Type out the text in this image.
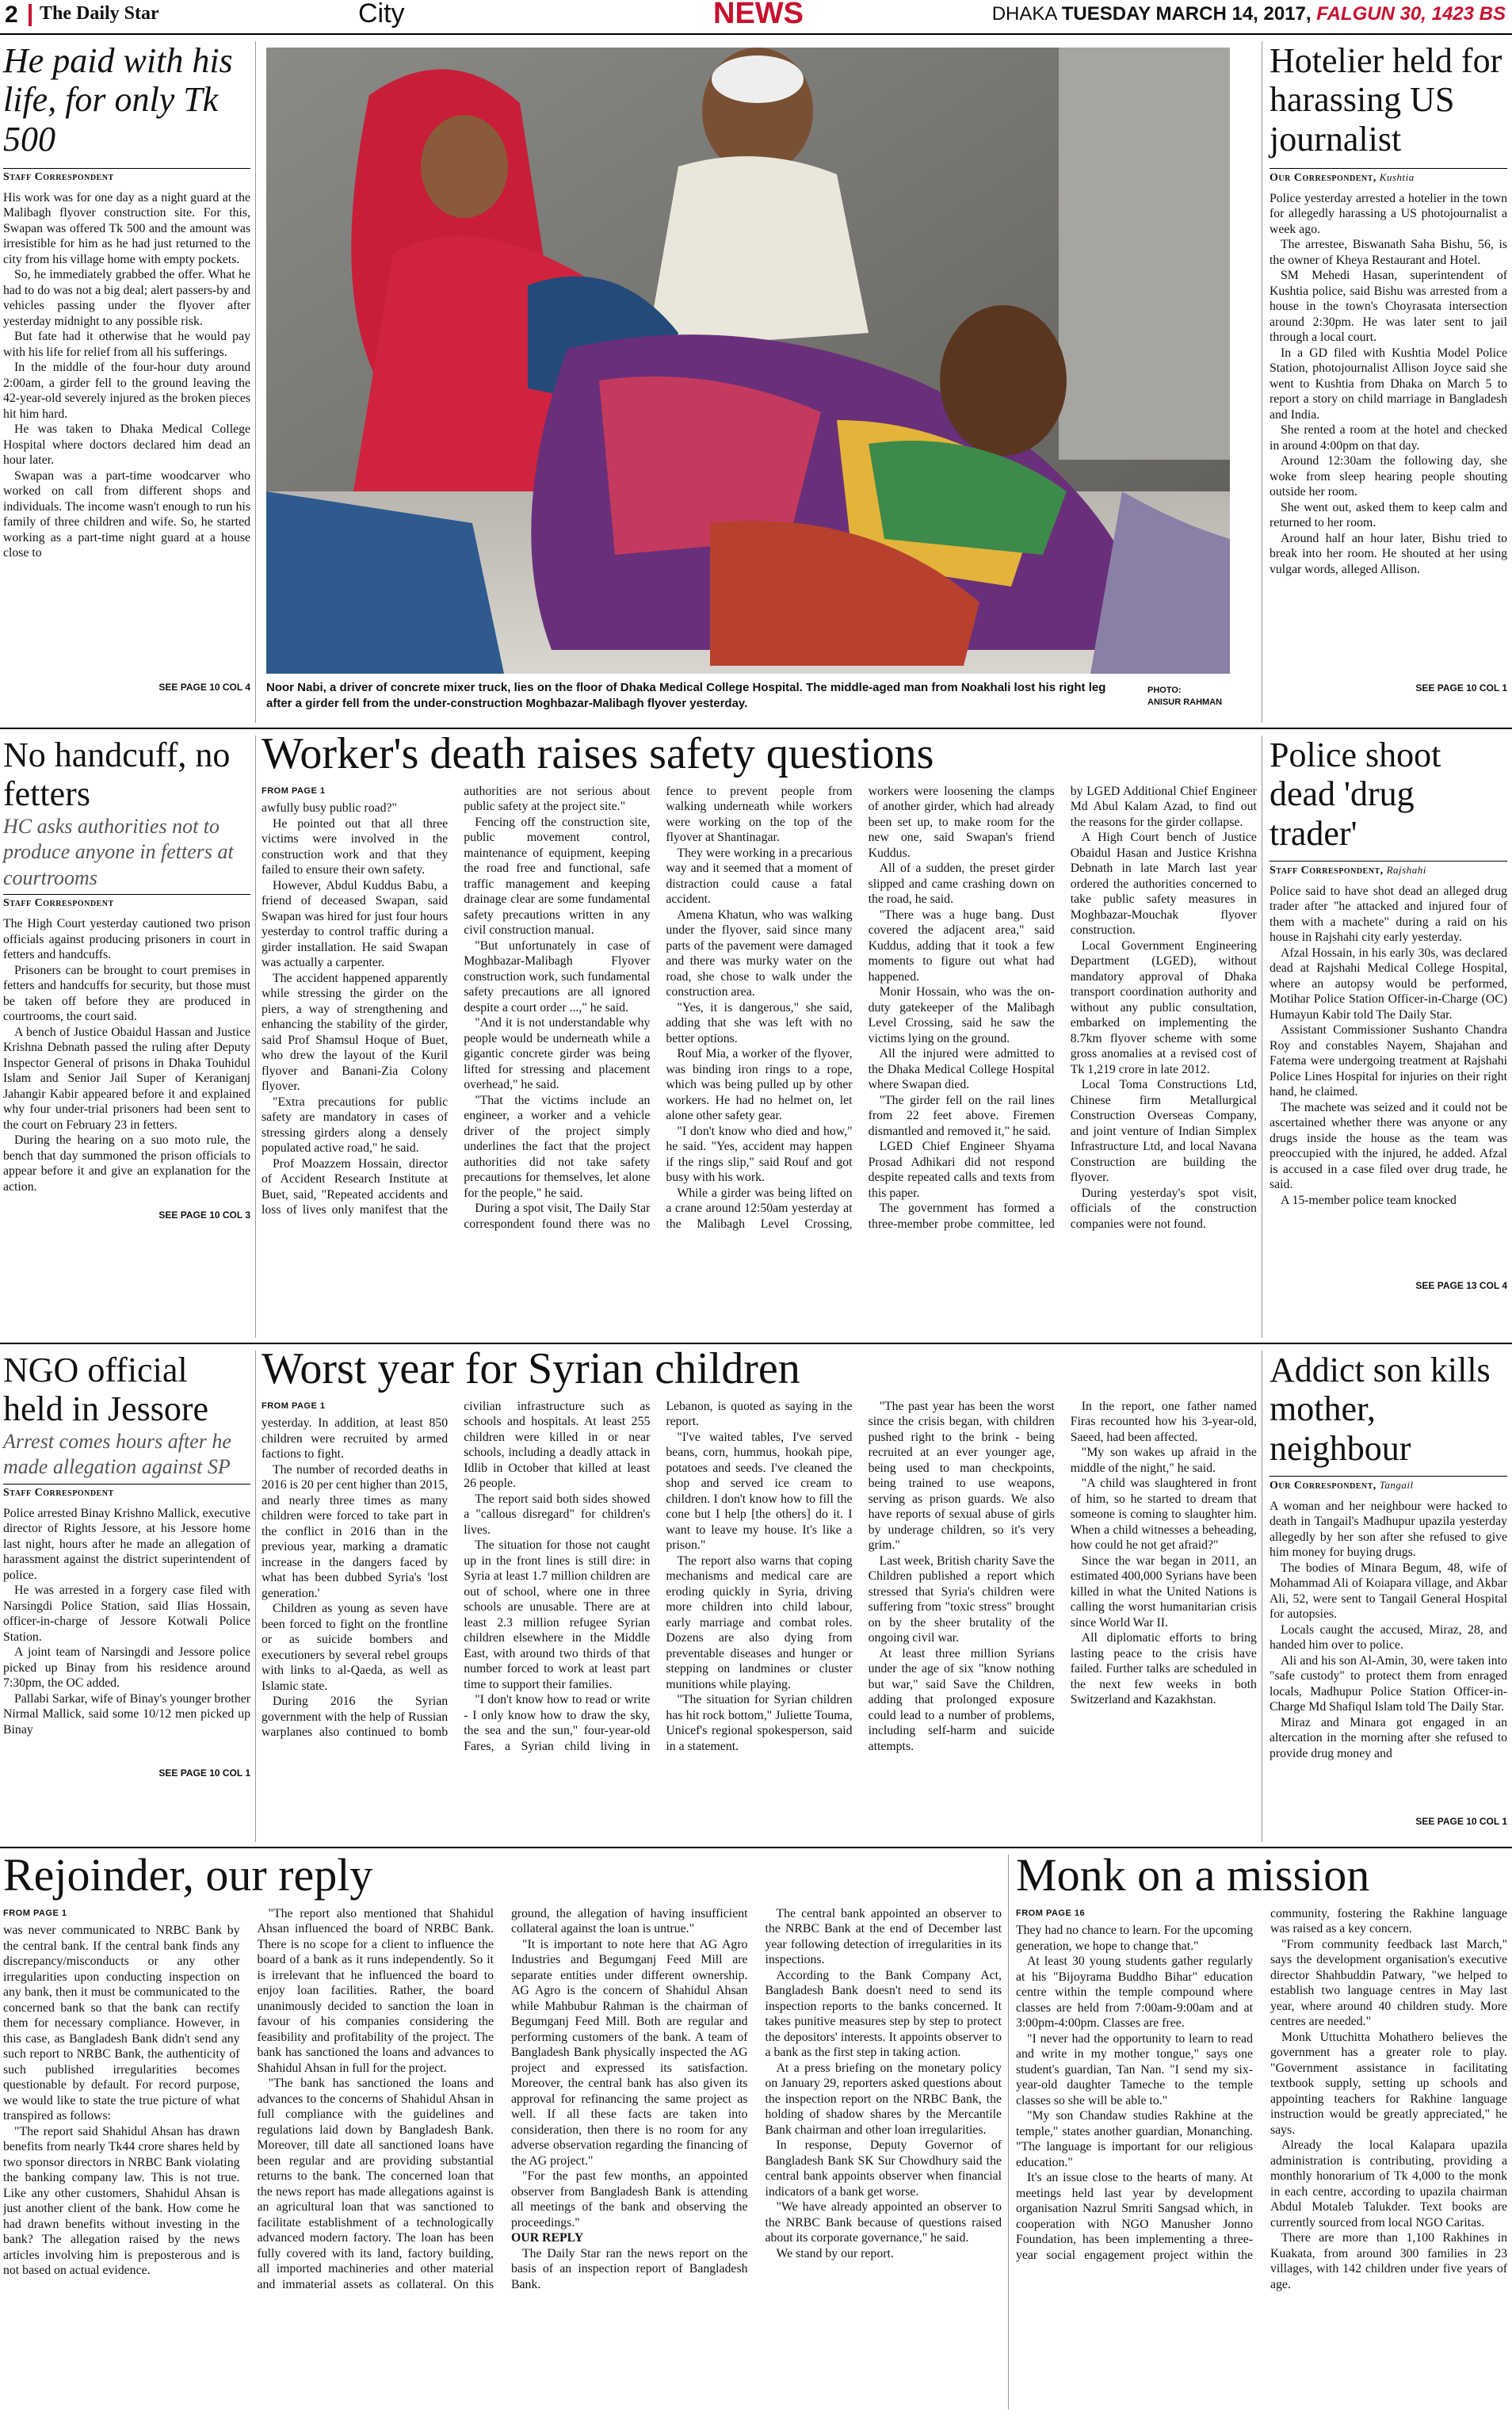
2 The Daily Star	City	NEWS	DHAKA TUESDAY MARCH 14, 2017, FALGUN 30, 1423 BS
He paid with his life, for only Tk 500
Staff Correspondent

His work was for one day as a night guard at the Malibagh flyover construction site. For this, Swapan was offered Tk 500 and the amount was irresistible for him as he had just returned to the city from his village home with empty pockets.

So, he immediately grabbed the offer. What he had to do was not a big deal; alert passers-by and vehicles passing under the flyover after yesterday midnight to any possible risk.

But fate had it otherwise that he would pay with his life for relief from all his sufferings.

In the middle of the four-hour duty around 2:00am, a girder fell to the ground leaving the 42-year-old severely injured as the broken pieces hit him hard.

He was taken to Dhaka Medical College Hospital where doctors declared him dead an hour later.

Swapan was a part-time woodcarver who worked on call from different shops and individuals. The income wasn't enough to run his family of three children and wife. So, he started working as a part-time night guard at a house close to

SEE PAGE 10 COL 4 Noor Nabi, a driver of concrete mixer truck, lies on the floor of Dhaka Medical College Hospital. The middle-aged man from Noakhali lost his right leg after a girder fell from the under-construction Moghbazar-Malibagh flyover yesterday.
PHOTO:
ANISUR RAHMAN
Hotelier held for harassing US journalist
Our Correspondent, Kushtia

Police yesterday arrested a hotelier in the town for allegedly harassing a US photojournalist a week ago.

The arrestee, Biswanath Saha Bishu, 56, is the owner of Kheya Restaurant and Hotel.

SM Mehedi Hasan, superintendent of Kushtia police, said Bishu was arrested from a house in the town's Choyrasata intersection around 2:30pm. He was later sent to jail through a local court.

In a GD filed with Kushtia Model Police Station, photojournalist Allison Joyce said she went to Kushtia from Dhaka on March 5 to report a story on child marriage in Bangladesh and India.

She rented a room at the hotel and checked in around 4:00pm on that day.

Around 12:30am the following day, she woke from sleep hearing people shouting outside her room.

She went out, asked them to keep calm and returned to her room.

Around half an hour later, Bishu tried to break into her room. He shouted at her using vulgar words, alleged Allison.

SEE PAGE 10 COL 1
No handcuff, no fetters
HC asks authorities not to produce anyone in fetters at courtrooms
Staff Correspondent

The High Court yesterday cautioned two prison officials against producing prisoners in court in fetters and handcuffs.

Prisoners can be brought to court premises in fetters and handcuffs for security, but those must be taken off before they are produced in courtrooms, the court said.

A bench of Justice Obaidul Hassan and Justice Krishna Debnath passed the ruling after Deputy Inspector General of prisons in Dhaka Touhidul Islam and Senior Jail Super of Keraniganj Jahangir Kabir appeared before it and explained why four under-trial prisoners had been sent to the court on February 23 in fetters.

During the hearing on a suo moto rule, the bench that day summoned the prison officials to appear before it and give an explanation for the action.

SEE PAGE 10 COL 3
Worker's death raises safety questions
FROM PAGE 1

awfully busy public road?"

He pointed out that all three victims were involved in the construction work and that they failed to ensure their own safety.

However, Abdul Kuddus Babu, a friend of deceased Swapan, said Swapan was hired for just four hours yesterday to control traffic during a girder installation. He said Swapan was actually a carpenter.

The accident happened apparently while stressing the girder on the piers, a way of strengthening and enhancing the stability of the girder, said Prof Shamsul Hoque of Buet, who drew the layout of the Kuril flyover and Banani-Zia Colony flyover.

"Extra precautions for public safety are mandatory in cases of stressing girders along a densely populated active road," he said.

Prof Moazzem Hossain, director of Accident Research Institute at Buet, said, "Repeated accidents and loss of lives only manifest that the authorities are not serious about public safety at the project site."

Fencing off the construction site, public movement control, maintenance of equipment, keeping the road free and functional, safe traffic management and keeping drainage clear are some fundamental safety precautions written in any civil construction manual.

"But unfortunately in case of Moghbazar-Malibagh Flyover construction work, such fundamental safety precautions are all ignored despite a court order ...," he said.

"And it is not understandable why people would be underneath while a gigantic concrete girder was being lifted for stressing and placement overhead," he said.

"That the victims include an engineer, a worker and a vehicle driver of the project simply underlines the fact that the project authorities did not take safety precautions for themselves, let alone for the people," he said.

During a spot visit, The Daily Star correspondent found there was no fence to prevent people from walking underneath while workers were working on the top of the flyover at Shantinagar.

They were working in a precarious way and it seemed that a moment of distraction could cause a fatal accident.

Amena Khatun, who was walking under the flyover, said since many parts of the pavement were damaged and there was murky water on the road, she chose to walk under the construction area.

"Yes, it is dangerous," she said, adding that she was left with no better options.

Rouf Mia, a worker of the flyover, was binding iron rings to a rope, which was being pulled up by other workers. He had no helmet on, let alone other safety gear.

"I don't know who died and how," he said. "Yes, accident may happen if the rings slip," said Rouf and got busy with his work.

While a girder was being lifted on a crane around 12:50am yesterday at the Malibagh Level Crossing, workers were loosening the clamps of another girder, which had already been set up, to make room for the new one, said Swapan's friend Kuddus.

All of a sudden, the preset girder slipped and came crashing down on the road, he said.

"There was a huge bang. Dust covered the adjacent area," said Kuddus, adding that it took a few moments to figure out what had happened.

Monir Hossain, who was the on-duty gatekeeper of the Malibagh Level Crossing, said he saw the victims lying on the ground.

All the injured were admitted to the Dhaka Medical College Hospital where Swapan died.

"The girder fell on the rail lines from 22 feet above. Firemen dismantled and removed it," he said.

LGED Chief Engineer Shyama Prosad Adhikari did not respond despite repeated calls and texts from this paper.

The government has formed a three-member probe committee, led by LGED Additional Chief Engineer Md Abul Kalam Azad, to find out the reasons for the girder collapse.

A High Court bench of Justice Obaidul Hasan and Justice Krishna Debnath in late March last year ordered the authorities concerned to take public safety measures in Moghbazar-Mouchak flyover construction.

Local Government Engineering Department (LGED), without mandatory approval of Dhaka transport coordination authority and without any public consultation, embarked on implementing the 8.7km flyover scheme with some gross anomalies at a revised cost of Tk 1,219 crore in late 2012.

Local Toma Constructions Ltd, Chinese firm Metallurgical Construction Overseas Company, and joint venture of Indian Simplex Infrastructure Ltd, and local Navana Construction are building the flyover.

During yesterday's spot visit, officials of the construction companies were not found.

Police shoot dead 'drug trader'
Staff Correspondent, Rajshahi

Police said to have shot dead an alleged drug trader after "he attacked and injured four of them with a machete" during a raid on his house in Rajshahi city early yesterday.

Afzal Hossain, in his early 30s, was declared dead at Rajshahi Medical College Hospital, where an autopsy would be performed, Motihar Police Station Officer-in-Charge (OC) Humayun Kabir told The Daily Star.

Assistant Commissioner Sushanto Chandra Roy and constables Nayem, Shajahan and Fatema were undergoing treatment at Rajshahi Police Lines Hospital for injuries on their right hand, he claimed.

The machete was seized and it could not be ascertained whether there was anyone or any drugs inside the house as the team was preoccupied with the injured, he added. Afzal is accused in a case filed over drug trade, he said.

A 15-member police team knocked

SEE PAGE 13 COL 4
NGO official held in Jessore
Arrest comes hours after he made allegation against SP
Staff Correspondent

Police arrested Binay Krishno Mallick, executive director of Rights Jessore, at his Jessore home last night, hours after he made an allegation of harassment against the district superintendent of police.

He was arrested in a forgery case filed with Narsingdi Police Station, said Ilias Hossain, officer-in-charge of Jessore Kotwali Police Station.

A joint team of Narsingdi and Jessore police picked up Binay from his residence around 7:30pm, the OC added.

Pallabi Sarkar, wife of Binay's younger brother Nirmal Mallick, said some 10/12 men picked up Binay

SEE PAGE 10 COL 1
Worst year for Syrian children
FROM PAGE 1

yesterday. In addition, at least 850 children were recruited by armed factions to fight.

The number of recorded deaths in 2016 is 20 per cent higher than 2015, and nearly three times as many children were forced to take part in the conflict in 2016 than in the previous year, marking a dramatic increase in the dangers faced by what has been dubbed Syria's 'lost generation.'

Children as young as seven have been forced to fight on the frontline or as suicide bombers and executioners by several rebel groups with links to al-Qaeda, as well as Islamic state.

During 2016 the Syrian government with the help of Russian warplanes also continued to bomb civilian infrastructure such as schools and hospitals. At least 255 children were killed in or near schools, including a deadly attack in Idlib in October that killed at least 26 people.

The report said both sides showed a "callous disregard" for children's lives.

The situation for those not caught up in the front lines is still dire: in Syria at least 1.7 million children are out of school, where one in three schools are unusable. There are at least 2.3 million refugee Syrian children elsewhere in the Middle East, with around two thirds of that number forced to work at least part time to support their families.

"I don't know how to read or write - I only know how to draw the sky, the sea and the sun," four-year-old Fares, a Syrian child living in Lebanon, is quoted as saying in the report.

"I've waited tables, I've served beans, corn, hummus, hookah pipe, potatoes and seeds. I've cleaned the shop and served ice cream to children. I don't know how to fill the cone but I help [the others] do it. I want to leave my house. It's like a prison."

The report also warns that coping mechanisms and medical care are eroding quickly in Syria, driving more children into child labour, early marriage and combat roles. Dozens are also dying from preventable diseases and hunger or stepping on landmines or cluster munitions while playing.

"The situation for Syrian children has hit rock bottom," Juliette Touma, Unicef's regional spokesperson, said in a statement.

"The past year has been the worst since the crisis began, with children pushed right to the brink - being recruited at an ever younger age, being used to man checkpoints, being trained to use weapons, serving as prison guards. We also have reports of sexual abuse of girls by underage children, so it's very grim."

Last week, British charity Save the Children published a report which stressed that Syria's children were suffering from "toxic stress" brought on by the sheer brutality of the ongoing civil war.

At least three million Syrians under the age of six "know nothing but war," said Save the Children, adding that prolonged exposure could lead to a number of problems, including self-harm and suicide attempts.

In the report, one father named Firas recounted how his 3-year-old, Saeed, had been affected.

"My son wakes up afraid in the middle of the night," he said.

"A child was slaughtered in front of him, so he started to dream that someone is coming to slaughter him. When a child witnesses a beheading, how could he not get afraid?"

Since the war began in 2011, an estimated 400,000 Syrians have been killed in what the United Nations is calling the worst humanitarian crisis since World War II.

All diplomatic efforts to bring lasting peace to the crisis have failed. Further talks are scheduled in the next few weeks in both Switzerland and Kazakhstan.

Addict son kills mother, neighbour
Our Correspondent, Tangail

A woman and her neighbour were hacked to death in Tangail's Madhupur upazila yesterday allegedly by her son after she refused to give him money for buying drugs.

The bodies of Minara Begum, 48, wife of Mohammad Ali of Koiapara village, and Akbar Ali, 52, were sent to Tangail General Hospital for autopsies.

Locals caught the accused, Miraz, 28, and handed him over to police.

Ali and his son Al-Amin, 30, were taken into "safe custody" to protect them from enraged locals, Madhupur Police Station Officer-in-Charge Md Shafiqul Islam told The Daily Star.

Miraz and Minara got engaged in an altercation in the morning after she refused to provide drug money and

SEE PAGE 10 COL 1
Rejoinder, our reply
FROM PAGE 1

was never communicated to NRBC Bank by the central bank. If the central bank finds any discrepancy/misconducts or any other irregularities upon conducting inspection on any bank, then it must be communicated to the concerned bank so that the bank can rectify them for necessary compliance. However, in this case, as Bangladesh Bank didn't send any such report to NRBC Bank, the authenticity of such published irregularities becomes questionable by default. For record purpose, we would like to state the true picture of what transpired as follows:

"The report said Shahidul Ahsan has drawn benefits from nearly Tk44 crore shares held by two sponsor directors in NRBC Bank violating the banking company law. This is not true. Like any other customers, Shahidul Ahsan is just another client of the bank. How come he had drawn benefits without investing in the bank? The allegation raised by the news articles involving him is preposterous and is not based on actual evidence.

"The report also mentioned that Shahidul Ahsan influenced the board of NRBC Bank. There is no scope for a client to influence the board of a bank as it runs independently. So it is irrelevant that he influenced the board to enjoy loan facilities. Rather, the board unanimously decided to sanction the loan in favour of his companies considering the feasibility and profitability of the project. The bank has sanctioned the loans and advances to Shahidul Ahsan in full for the project.

"The bank has sanctioned the loans and advances to the concerns of Shahidul Ahsan in full compliance with the guidelines and regulations laid down by Bangladesh Bank. Moreover, till date all sanctioned loans have been regular and are providing substantial returns to the bank. The concerned loan that the news report has made allegations against is an agricultural loan that was sanctioned to facilitate establishment of a technologically advanced modern factory. The loan has been fully covered with its land, factory building, all imported machineries and other material and immaterial assets as collateral. On this ground, the allegation of having insufficient collateral against the loan is untrue."

"It is important to note here that AG Agro Industries and Begumganj Feed Mill are separate entities under different ownership. AG Agro is the concern of Shahidul Ahsan while Mahbubur Rahman is the chairman of Begumganj Feed Mill. Both are regular and performing customers of the bank. A team of Bangladesh Bank physically inspected the AG project and expressed its satisfaction. Moreover, the central bank has also given its approval for refinancing the same project as well. If all these facts are taken into consideration, then there is no room for any adverse observation regarding the financing of the AG project."

"For the past few months, an appointed observer from Bangladesh Bank is attending all meetings of the bank and observing the proceedings."

OUR REPLY

The Daily Star ran the news report on the basis of an inspection report of Bangladesh Bank.

The central bank appointed an observer to the NRBC Bank at the end of December last year following detection of irregularities in its inspections.

According to the Bank Company Act, Bangladesh Bank doesn't need to send its inspection reports to the banks concerned. It takes punitive measures step by step to protect the depositors' interests. It appoints observer to a bank as the first step in taking action.

At a press briefing on the monetary policy on January 29, reporters asked questions about the inspection report on the NRBC Bank, the holding of shadow shares by the Mercantile Bank chairman and other loan irregularities.

In response, Deputy Governor of Bangladesh Bank SK Sur Chowdhury said the central bank appoints observer when financial indicators of a bank get worse.

"We have already appointed an observer to the NRBC Bank because of questions raised about its corporate governance," he said.

We stand by our report.

Monk on a mission
FROM PAGE 16

They had no chance to learn. For the upcoming generation, we hope to change that."

At least 30 young students gather regularly at his "Bijoyrama Buddho Bihar" education centre within the temple compound where classes are held from 7:00am-9:00am and at 3:00pm-4:00pm. Classes are free.

"I never had the opportunity to learn to read and write in my mother tongue," says one student's guardian, Tan Nan. "I send my six-year-old daughter Tameche to the temple classes so she will be able to."

"My son Chandaw studies Rakhine at the temple," states another guardian, Monanching. "The language is important for our religious education."

It's an issue close to the hearts of many. At meetings held last year by development organisation Nazrul Smriti Sangsad which, in cooperation with NGO Manusher Jonno Foundation, has been implementing a three-year social engagement project within the community, fostering the Rakhine language was raised as a key concern.

"From community feedback last March," says the development organisation's executive director Shahbuddin Patwary, "we helped to establish two language centres in May last year, where around 40 children study. More centres are needed."

Monk Uttuchitta Mohathero believes the government has a greater role to play. "Government assistance in facilitating textbook supply, setting up schools and appointing teachers for Rakhine language instruction would be greatly appreciated," he says.

Already the local Kalapara upazila administration is contributing, providing a monthly honorarium of Tk 4,000 to the monk in each centre, according to upazila chairman Abdul Motaleb Talukder. Text books are currently sourced from local NGO Caritas.

There are more than 1,100 Rakhines in Kuakata, from around 300 families in 23 villages, with 142 children under five years of age.
